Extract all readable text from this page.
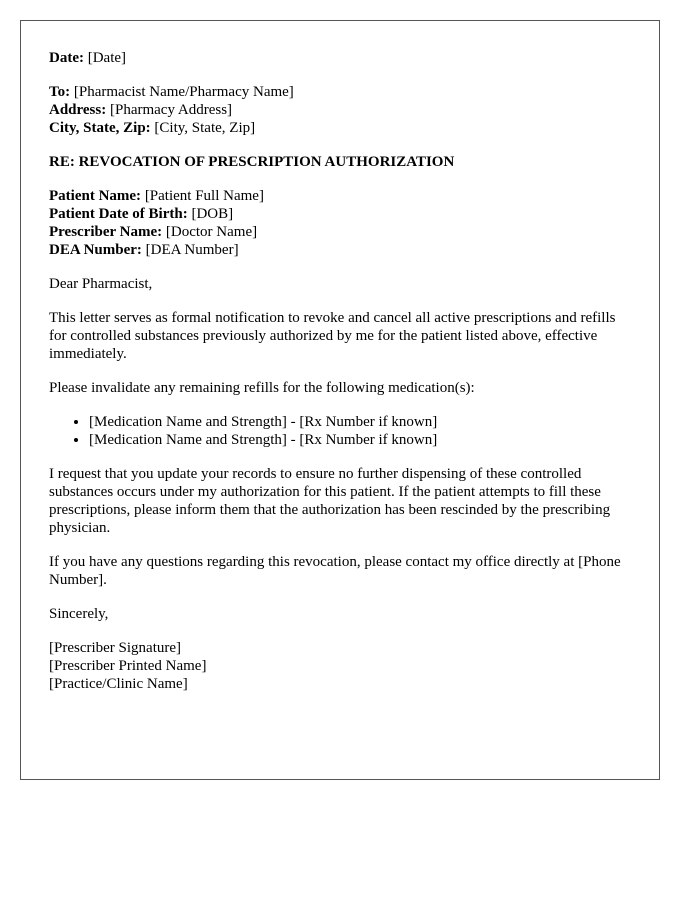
Date: [Date]
To: [Pharmacist Name/Pharmacy Name]
Address: [Pharmacy Address]
City, State, Zip: [City, State, Zip]
RE: REVOCATION OF PRESCRIPTION AUTHORIZATION
Patient Name: [Patient Full Name]
Patient Date of Birth: [DOB]
Prescriber Name: [Doctor Name]
DEA Number: [DEA Number]

Dear Pharmacist,

This letter serves as formal notification to revoke and cancel all active prescriptions and refills for controlled substances previously authorized by me for the patient listed above, effective immediately.

Please invalidate any remaining refills for the following medication(s):

• [Medication Name and Strength] - [Rx Number if known]
• [Medication Name and Strength] - [Rx Number if known]

I request that you update your records to ensure no further dispensing of these controlled substances occurs under my authorization for this patient. If the patient attempts to fill these prescriptions, please inform them that the authorization has been rescinded by the prescribing physician.

If you have any questions regarding this revocation, please contact my office directly at [Phone Number].

Sincerely,

[Prescriber Signature]
[Prescriber Printed Name]
[Practice/Clinic Name]
